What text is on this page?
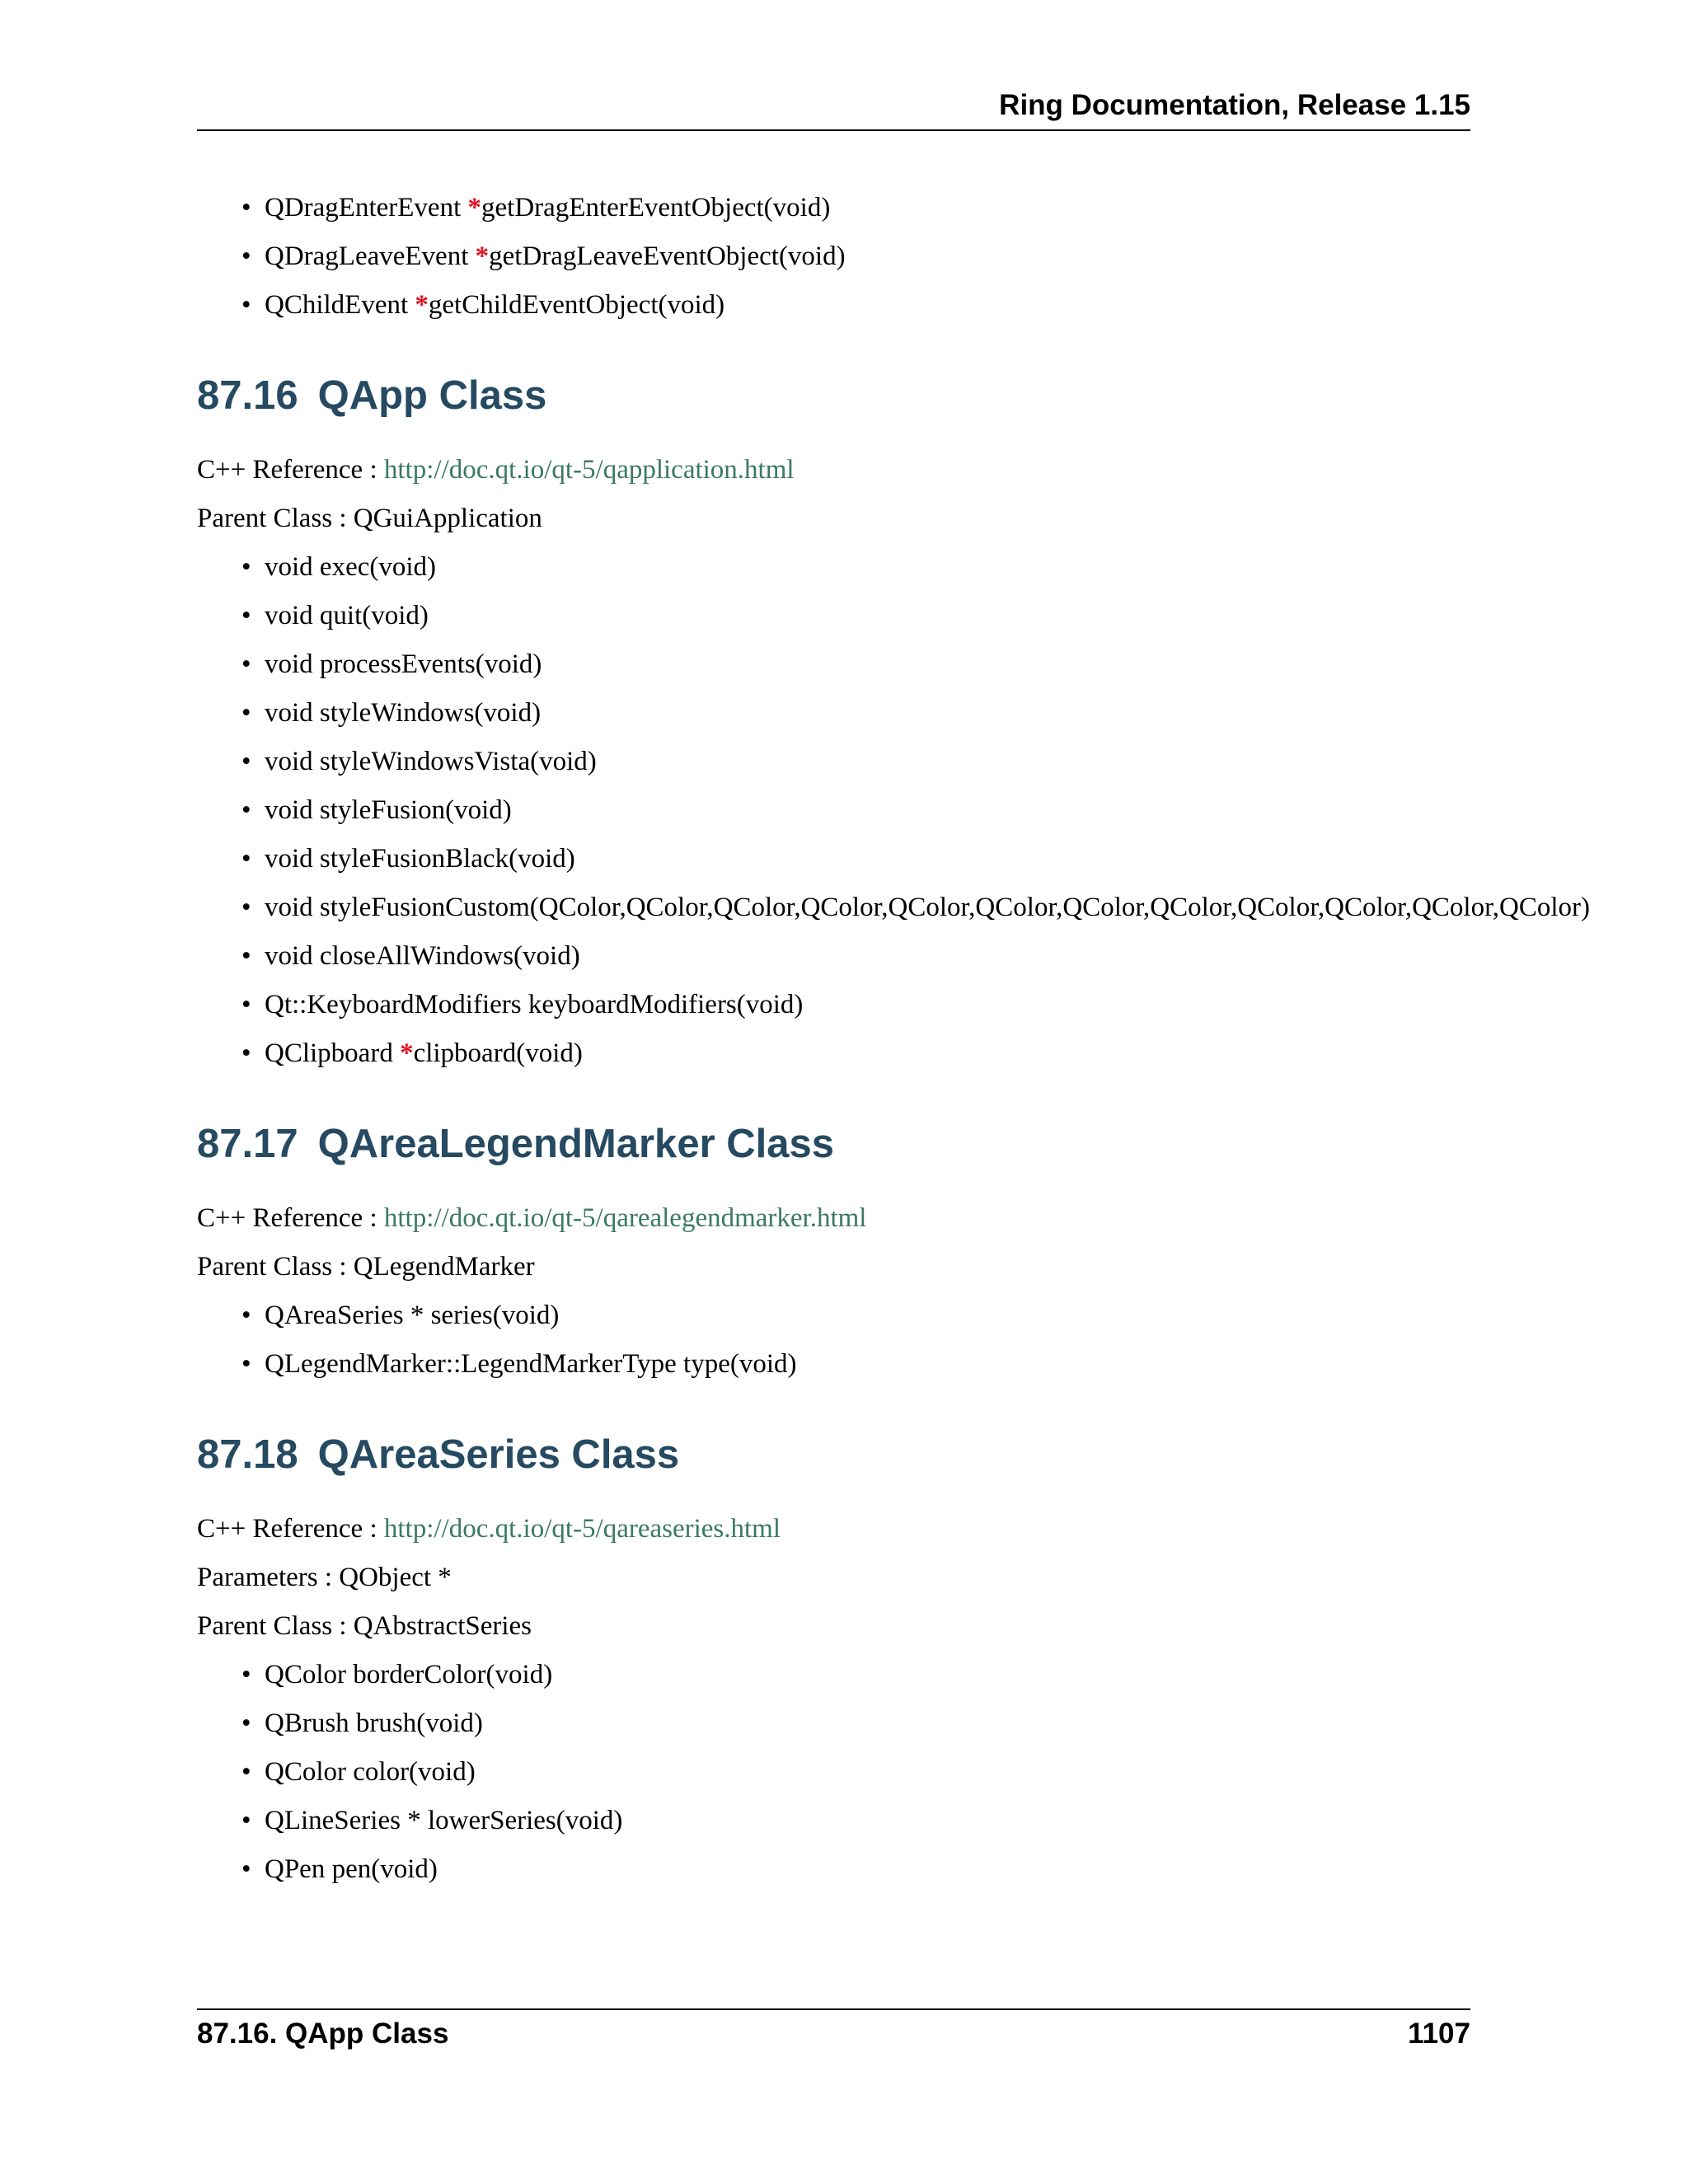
Ring Documentation, Release 1.15
• QDragEnterEvent *getDragEnterEventObject(void)
• QDragLeaveEvent *getDragLeaveEventObject(void)
• QChildEvent *getChildEventObject(void)
87.16 QApp Class

C++ Reference : http://doc.qt.io/qt-5/qapplication.html

Parent Class : QGuiApplication

• void exec(void)
• void quit(void)
• void processEvents(void)
• void styleWindows(void)
• void styleWindowsVista(void)
• void styleFusion(void)
• void styleFusionBlack(void)
• void styleFusionCustom(QColor,QColor,QColor,QColor,QColor,QColor,QColor,QColor,QColor,QColor,QColor,QColor)
• void closeAllWindows(void)
• Qt::KeyboardModifiers keyboardModifiers(void)
• QClipboard *clipboard(void)
87.17 QAreaLegendMarker Class

C++ Reference : http://doc.qt.io/qt-5/qarealegendmarker.html

Parent Class : QLegendMarker

• QAreaSeries * series(void)
• QLegendMarker::LegendMarkerType type(void)
87.18 QAreaSeries Class

C++ Reference : http://doc.qt.io/qt-5/qareaseries.html

Parameters : QObject *

Parent Class : QAbstractSeries

• QColor borderColor(void)
• QBrush brush(void)
• QColor color(void)
• QLineSeries * lowerSeries(void)
• QPen pen(void)
87.16. QApp Class	1107
